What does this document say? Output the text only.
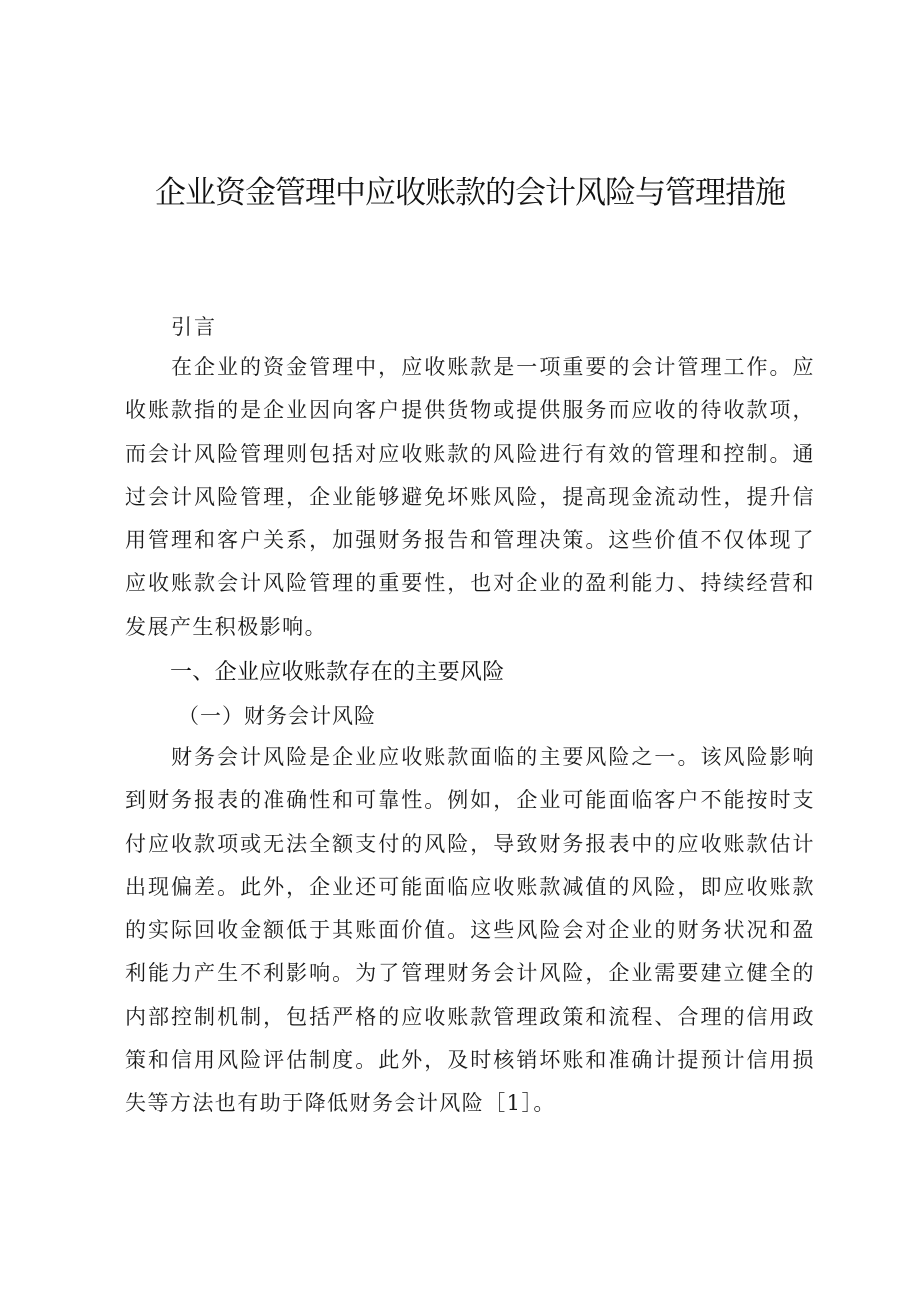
企业资金管理中应收账款的会计风险与管理措施

引言

在企业的资金管理中，应收账款是一项重要的会计管理工作。应收账款指的是企业因向客户提供货物或提供服务而应收的待收款项，而会计风险管理则包括对应收账款的风险进行有效的管理和控制。通过会计风险管理，企业能够避免坏账风险，提高现金流动性，提升信用管理和客户关系，加强财务报告和管理决策。这些价值不仅体现了应收账款会计风险管理的重要性，也对企业的盈利能力、持续经营和发展产生积极影响。

一、企业应收账款存在的主要风险
（一）财务会计风险

财务会计风险是企业应收账款面临的主要风险之一。该风险影响到财务报表的准确性和可靠性。例如，企业可能面临客户不能按时支付应收款项或无法全额支付的风险，导致财务报表中的应收账款估计出现偏差。此外，企业还可能面临应收账款减值的风险，即应收账款的实际回收金额低于其账面价值。这些风险会对企业的财务状况和盈利能力产生不利影响。为了管理财务会计风险，企业需要建立健全的内部控制机制，包括严格的应收账款管理政策和流程、合理的信用政策和信用风险评估制度。此外，及时核销坏账和准确计提预计信用损失等方法也有助于降低财务会计风险［1］。
